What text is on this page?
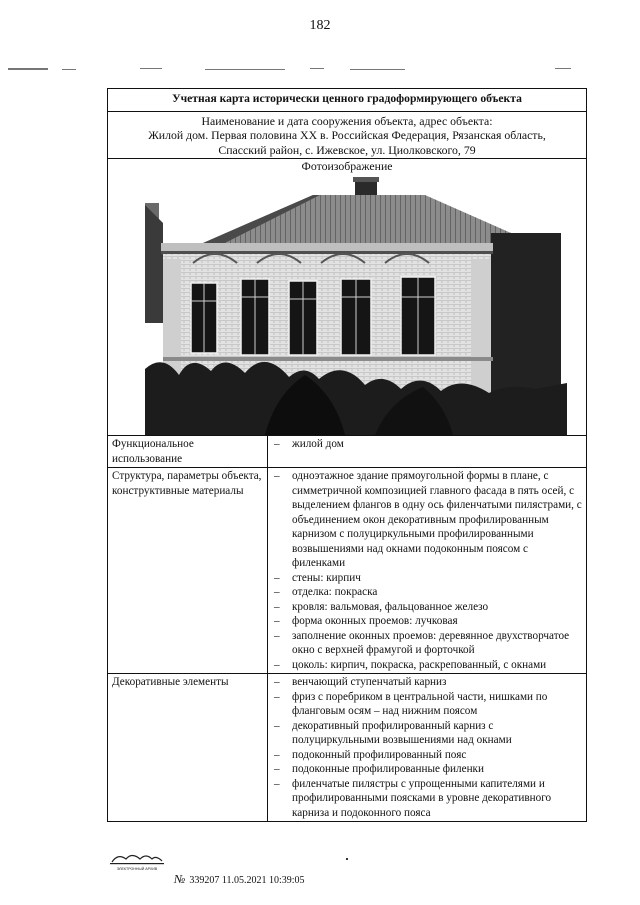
182
Учетная карта исторически ценного градоформирующего объекта
Наименование и дата сооружения объекта, адрес объекта:
Жилой дом. Первая половина XX в. Российская Федерация, Рязанская область,
Спасский район, с. Ижевское, ул. Циолковского, 79
Фотоизображение
Функциональное использование
– жилой дом
Структура, параметры объекта, конструктивные материалы
– одноэтажное здание прямоугольной формы в плане, с симметричной композицией главного фасада в пять осей, с выделением флангов в одну ось филенчатыми пилястрами, с объединением окон декоративным профилированным карнизом с полуциркульными профилированными возвышениями над окнами подоконным поясом с филенками
– стены: кирпич
– отделка: покраска
– кровля: вальмовая, фальцованное железо
– форма оконных проемов: лучковая
– заполнение оконных проемов: деревянное двухстворчатое окно с верхней фрамугой и форточкой
– цоколь: кирпич, покраска, раскрепованный, с окнами
Декоративные элементы
–	венчающий ступенчатый карниз
– фриз с поребриком в центральной части, нишками по фланговым осям – над нижним поясом
– декоративный профилированный карниз с полуциркульными возвышениями над окнами
– подоконный профилированный пояс
– подоконные профилированные филенки
– филенчатые пилястры с упрощенными капителями и профилированными поясками в уровне декоративного карниза и подоконного пояса
ЭЛЕКТРОННЫЙ АРХИВ
№ 339207 11.05.2021 10:39:05
